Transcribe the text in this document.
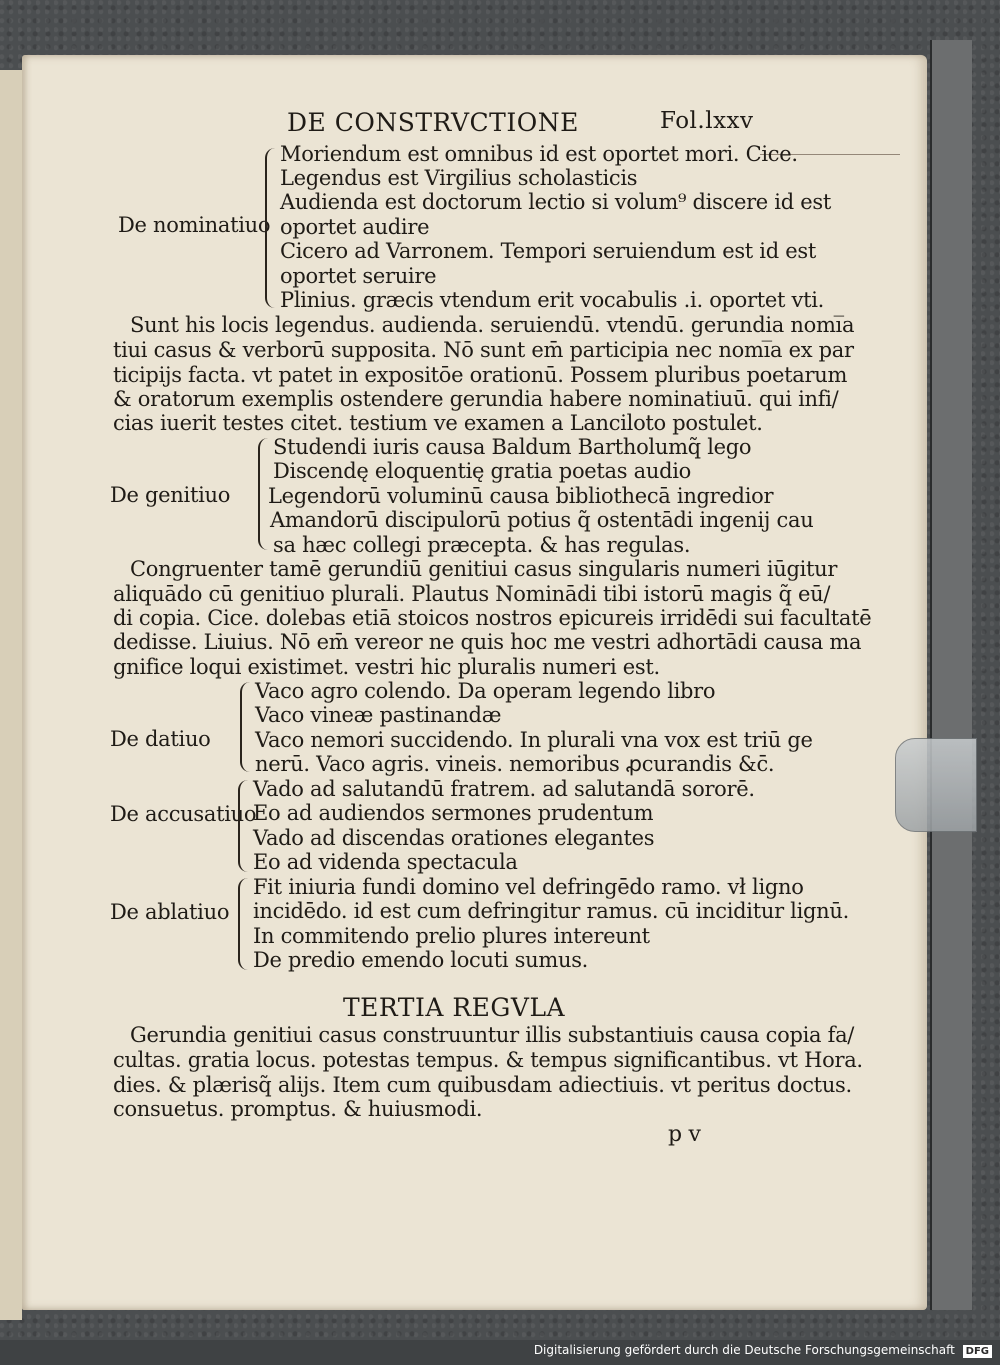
DE CONSTRVCTIONE	Fol.lxxv
De nominatiuo
Moriendum est omnibus id est oportet mori. Cice.
Legendus est Virgilius scholasticis
Audienda est doctorum lectio si volum⁹ discere id est
oportet audire
Cicero ad Varronem. Tempori seruiendum est id est
oportet seruire
Plinius. græcis vtendum erit vocabulis .i. oportet vti.
Sunt his locis legendus. audienda. seruiendū. vtendū. gerundia nomi̅a
tiui casus & verborū supposita. Nō sunt em̄ participia nec nomi̅a ex par
ticipijs facta. vt patet in expositōe orationū. Possem pluribus poetarum
& oratorum exemplis ostendere gerundia habere nominatiuū. qui infi/
cias iuerit testes citet. testium ve examen a Lanciloto postulet.
De genitiuo
Studendi iuris causa Baldum Bartholumq̃ lego
Discendę eloquentię gratia poetas audio
Legendorū voluminū causa bibliothecā ingredior
Amandorū discipulorū potius q̃ ostentādi ingenij cau
sa hæc collegi præcepta. & has regulas.
Congruenter tamē gerundiū genitiui casus singularis numeri iūgitur
aliquādo cū genitiuo plurali. Plautus Nominādi tibi istorū magis q̃ eū/
di copia. Cice. dolebas etiā stoicos nostros epicureis irridēdi sui facultatē
dedisse. Liuius. Nō em̄ vereor ne quis hoc me vestri adhortādi causa ma
gnifice loqui existimet. vestri hic pluralis numeri est.
De datiuo
Vaco agro colendo. Da operam legendo libro
Vaco vineæ pastinandæ
Vaco nemori succidendo. In plurali vna vox est triū ge
nerū. Vaco agris. vineis. nemoribus ꝓcurandis &c̄.
De accusatiuo
Vado ad salutandū fratrem. ad salutandā sororē.
Eo ad audiendos sermones prudentum
Vado ad discendas orationes elegantes
Eo ad videnda spectacula
De ablatiuo
Fit iniuria fundi domino vel defringēdo ramo. vł ligno
incidēdo. id est cum defringitur ramus. cū inciditur lignū.
In commitendo prelio plures intereunt
De predio emendo locuti sumus.
TERTIA REGVLA
Gerundia genitiui casus construuntur illis substantiuis causa copia fa/
cultas. gratia locus. potestas tempus. & tempus significantibus. vt Hora.
dies. & plærisq̃ alijs. Item cum quibusdam adiectiuis. vt peritus doctus.
consuetus. promptus. & huiusmodi.
p v
Digitalisierung gefördert durch die Deutsche Forschungsgemeinschaft DFG
